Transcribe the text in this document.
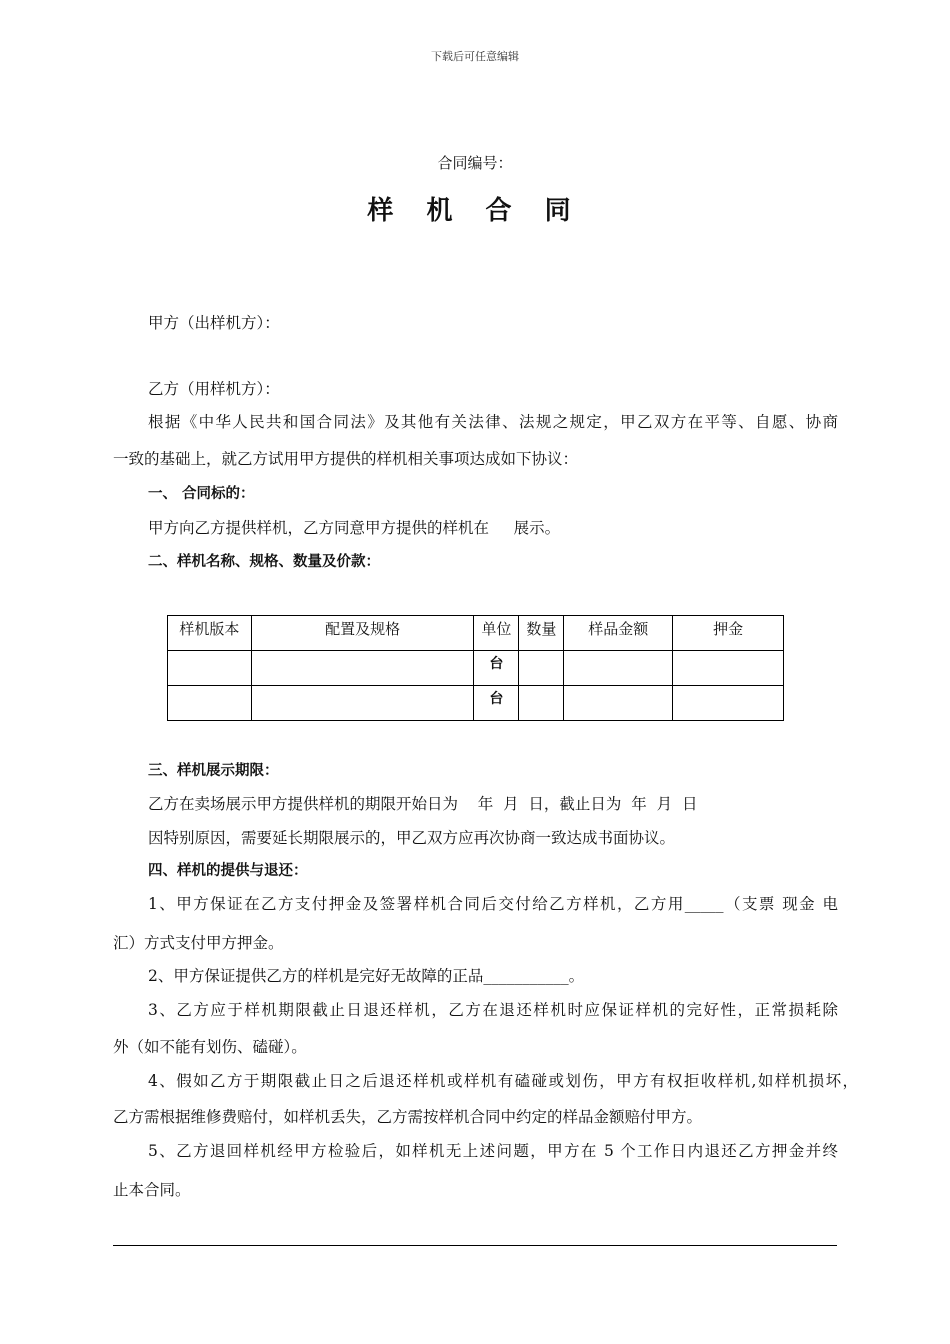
下载后可任意编辑
合同编号：
样 机 合 同
甲方（出样机方）：
乙方（用样机方）：
根据《中华人民共和国合同法》及其他有关法律、法规之规定，甲乙双方在平等、自愿、协商
一致的基础上，就乙方试用甲方提供的样机相关事项达成如下协议：
一、 合同标的：
甲方向乙方提供样机，乙方同意甲方提供的样机在     展示。
二、样机名称、规格、数量及价款：
样机版本	配置及规格	单位	数量	样品金额	押金
		台			
		台			
三、样机展示期限：
乙方在卖场展示甲方提供样机的期限开始日为    年  月  日，截止日为  年  月  日
因特别原因，需要延长期限展示的，甲乙双方应再次协商一致达成书面协议。
四、样机的提供与退还：
1、甲方保证在乙方支付押金及签署样机合同后交付给乙方样机，乙方用_____（支票 现金 电
汇）方式支付甲方押金。
2、甲方保证提供乙方的样机是完好无故障的正品___________。
3、乙方应于样机期限截止日退还样机，乙方在退还样机时应保证样机的完好性，正常损耗除
外（如不能有划伤、磕碰）。
4、假如乙方于期限截止日之后退还样机或样机有磕碰或划伤，甲方有权拒收样机,如样机损坏，
乙方需根据维修费赔付，如样机丢失，乙方需按样机合同中约定的样品金额赔付甲方。
5、乙方退回样机经甲方检验后，如样机无上述问题，甲方在 5 个工作日内退还乙方押金并终
止本合同。
